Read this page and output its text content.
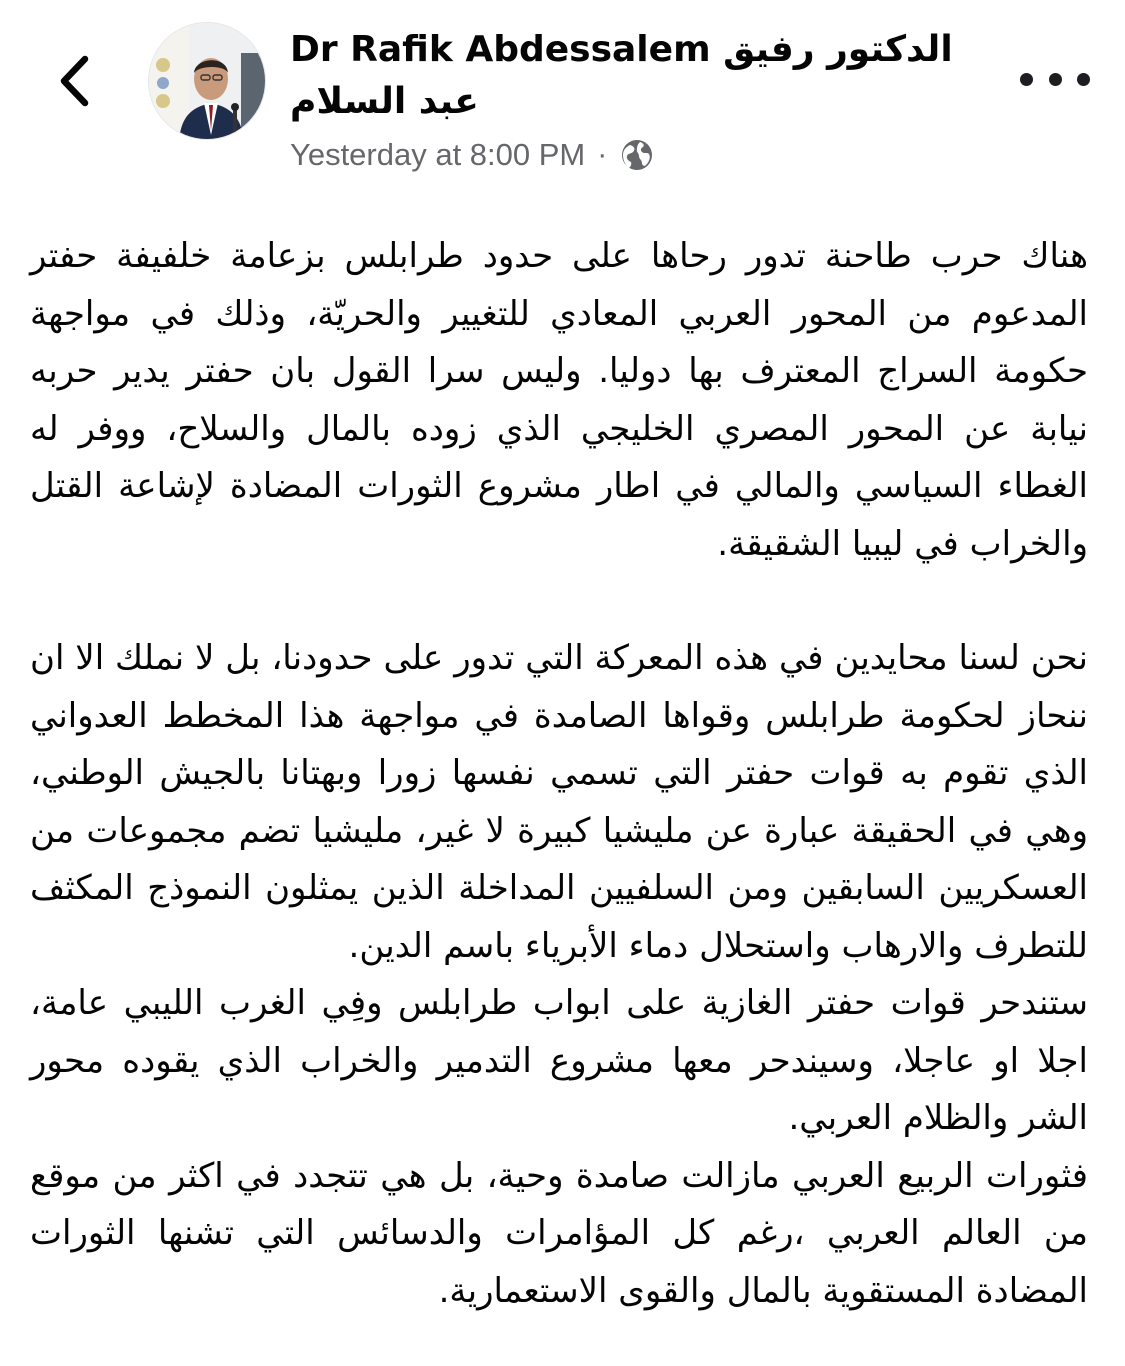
Dr Rafik Abdessalem الدكتور رفيق
عبد السلام
Yesterday at 8:00 PM ·

هناك حرب طاحنة تدور رحاها على حدود طرابلس بزعامة خلفيفة حفتر المدعوم من المحور العربي المعادي للتغيير والحريّة، وذلك في مواجهة حكومة السراج المعترف بها دوليا. وليس سرا القول بان حفتر يدير حربه نيابة عن المحور المصري الخليجي الذي زوده بالمال والسلاح، ووفر له الغطاء السياسي والمالي في اطار مشروع الثورات المضادة لإشاعة القتل والخراب في ليبيا الشقيقة.

نحن لسنا محايدين في هذه المعركة التي تدور على حدودنا، بل لا نملك الا ان ننحاز لحكومة طرابلس وقواها الصامدة في مواجهة هذا المخطط العدواني الذي تقوم به قوات حفتر التي تسمي نفسها زورا وبهتانا بالجيش الوطني، وهي في الحقيقة عبارة عن مليشيا كبيرة لا غير، مليشيا تضم مجموعات من العسكريين السابقين ومن السلفيين المداخلة الذين يمثلون النموذج المكثف للتطرف والارهاب واستحلال دماء الأبرياء باسم الدين.

ستندحر قوات حفتر الغازية على ابواب طرابلس وفِي الغرب الليبي عامة، اجلا او عاجلا، وسيندحر معها مشروع التدمير والخراب الذي يقوده محور الشر والظلام العربي.

فثورات الربيع العربي مازالت صامدة وحية، بل هي تتجدد في اكثر من موقع من العالم العربي ،رغم كل المؤامرات والدسائس التي تشنها الثورات المضادة المستقوية بالمال والقوى الاستعمارية.
